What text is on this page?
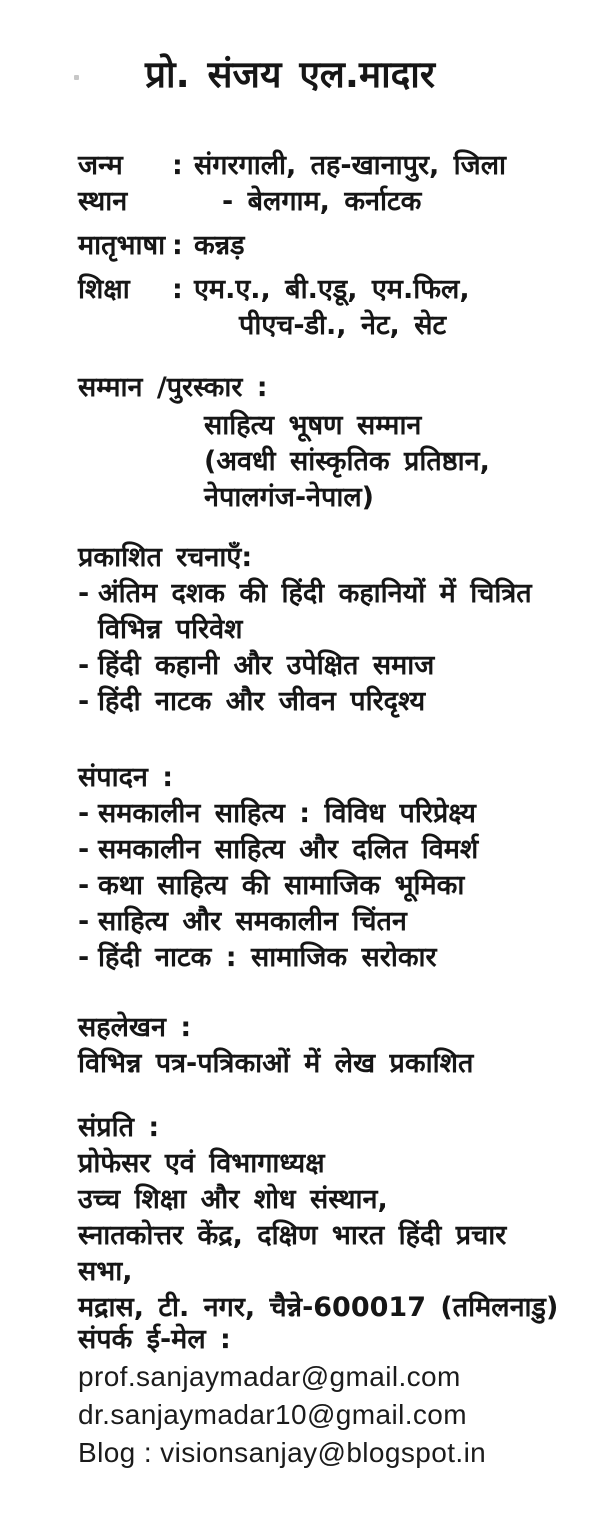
प्रो. संजय एल.मादार
जन्म स्थान
: संगरगाली, तह-खानापुर, जिला
- बेलगाम, कर्नाटक
मातृभाषा : कन्नड़
शिक्षा	: एम.ए., बी.एडू, एम.फिल,
पीएच-डी., नेट, सेट
सम्मान /पुरस्कार :
साहित्य भूषण सम्मान
(अवधी सांस्कृतिक प्रतिष्ठान,
नेपालगंज-नेपाल)
प्रकाशित रचनाएँ:
- अंतिम दशक की हिंदी कहानियों में चित्रित
विभिन्न परिवेश
- हिंदी कहानी और उपेक्षित समाज
- हिंदी नाटक और जीवन परिदृश्य
संपादन :
- समकालीन साहित्य : विविध परिप्रेक्ष्य
- समकालीन साहित्य और दलित विमर्श
- कथा साहित्य की सामाजिक भूमिका
- साहित्य और समकालीन चिंतन
- हिंदी नाटक : सामाजिक सरोकार
सहलेखन :
विभिन्न पत्र-पत्रिकाओं में लेख प्रकाशित
संप्रति :
प्रोफेसर एवं विभागाध्यक्ष
उच्च शिक्षा और शोध संस्थान,
स्नातकोत्तर केंद्र, दक्षिण भारत हिंदी प्रचार सभा,
मद्रास, टी. नगर, चैन्ने-600017 (तमिलनाडु)
संपर्क ई-मेल :
prof.sanjaymadar@gmail.com
dr.sanjaymadar10@gmail.com
Blog : visionsanjay@blogspot.in
